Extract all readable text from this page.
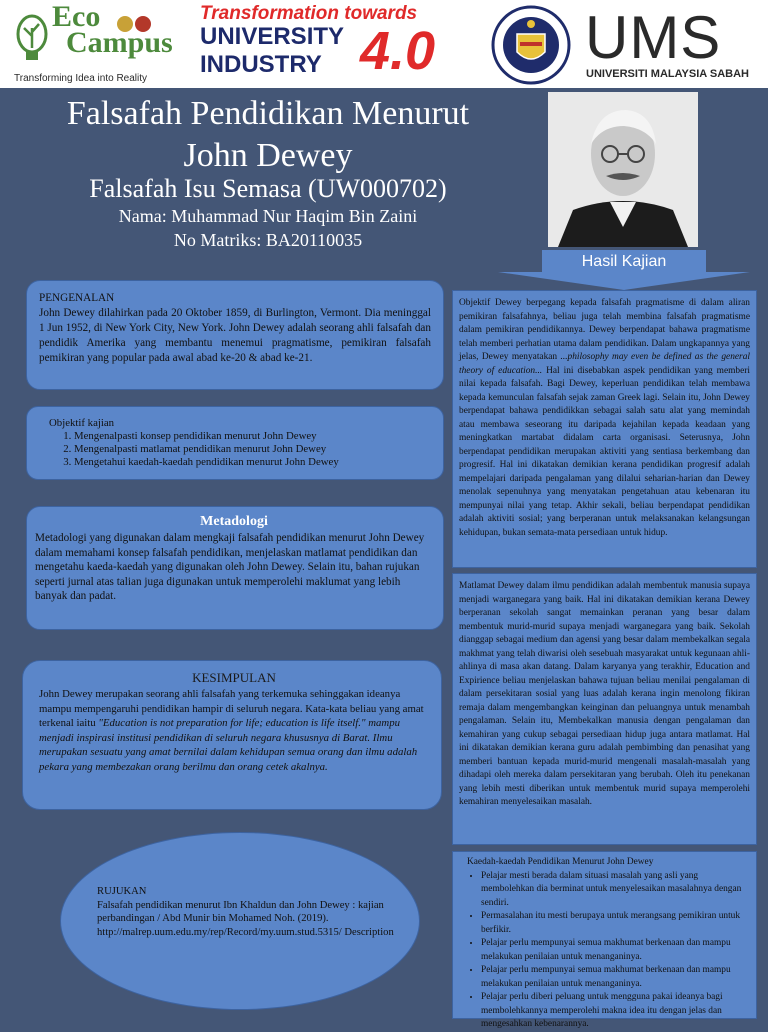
Eco
Campus
Transforming Idea into Reality
Transformation towards
UNIVERSITY
INDUSTRY 4.0 UMS
UNIVERSITI MALAYSIA SABAH
Falsafah Pendidikan Menurut
John Dewey
Falsafah Isu Semasa (UW000702)
Nama: Muhammad Nur Haqim Bin Zaini
No Matriks: BA20110035
Hasil Kajian
PENGENALAN
John Dewey dilahirkan pada 20 Oktober 1859, di Burlington, Vermont. Dia meninggal 1 Jun 1952, di New York City, New York. John Dewey adalah seorang ahli falsafah dan pendidik Amerika yang membantu menemui pragmatisme, pemikiran falsafah pemikiran yang popular pada awal abad ke-20 & abad ke-21.
Objektif kajian
1. Mengenalpasti konsep pendidikan menurut John Dewey
2. Mengenalpasti matlamat pendidikan menurut John Dewey
3. Mengetahui kaedah-kaedah pendidikan menurut John Dewey
Metadologi
Metadologi yang digunakan dalam mengkaji falsafah pendidikan menurut John Dewey dalam memahami konsep falsafah pendidikan, menjelaskan matlamat pendidikan dan mengetahu kaeda-kaedah yang digunakan oleh John Dewey. Selain itu, bahan rujukan seperti jurnal atas talian juga digunakan untuk memperolehi maklumat yang lebih banyak dan padat.
KESIMPULAN
John Dewey merupakan seorang ahli falsafah yang terkemuka sehinggakan ideanya mampu mempengaruhi pendidikan hampir di seluruh negara. Kata-kata beliau yang amat terkenal iaitu "Education is not preparation for life; education is life itself." mampu menjadi inspirasi institusi pendidikan di seluruh negara khususnya di Barat. Ilmu merupakan sesuatu yang amat bernilai dalam kehidupan semua orang dan ilmu adalah pekara yang membezakan orang berilmu dan orang cetek akalnya.
RUJUKAN
Falsafah pendidikan menurut Ibn Khaldun dan John Dewey : kajian perbandingan / Abd Munir bin Mohamed Noh. (2019). http://malrep.uum.edu.my/rep/Record/my.uum.stud.5315/ Description
Objektif Dewey berpegang kepada falsafah pragmatisme di dalam aliran pemikiran falsafahnya, beliau juga telah membina falsafah pragmatisme dalam pemikiran pendidikannya. Dewey berpendapat bahawa pragmatisme telah memberi perhatian utama dalam pendidikan. Dalam ungkapannya yang jelas, Dewey menyatakan ...philosophy may even be defined as the general theory of education... Hal ini disebabkan aspek pendidikan yang memberi nilai kepada falsafah. Bagi Dewey, keperluan pendidikan telah membawa kepada kemunculan falsafah sejak zaman Greek lagi. Selain itu, John Dewey berpendapat bahawa pendidikkan sebagai salah satu alat yang memindah atau membawa seseorang itu daripada kejahilan kepada keadaan yang meningkatkan martabat didalam carta organisasi. Seterusnya, John berpendapat pendidikan merupakan aktiviti yang sentiasa berkembang dan progresif. Hal ini dikatakan demikian kerana pendidikan progresif adalah mempelajari daripada pengalaman yang dilalui seharian-harian dan Dewey menolak sepenuhnya yang menyatakan pengetahuan atau kebenaran itu mempunyai nilai yang tetap. Akhir sekali, beliau berpendapat pendidikan adalah aktiviti sosial; yang berperanan untuk melaksanakan kelangsungan kehidupan, bukan semata-mata persediaan untuk hidup.
Matlamat Dewey dalam ilmu pendidikan adalah membentuk manusia supaya menjadi warganegara yang baik. Hal ini dikatakan demikian kerana Dewey berperanan sekolah sangat memainkan peranan yang besar dalam membentuk murid-murid supaya menjadi warganegara yang baik. Sekolah dianggap sebagai medium dan agensi yang besar dalam membekalkan segala makhmat yang telah diwarisi oleh sesebuah masyarakat untuk kegunaan ahli-ahlinya di masa akan datang. Dalam karyanya yang terakhir, Education and Expirience beliau menjelaskan bahawa tujuan beliau menilai pengalaman di dalam persekitaran sosial yang luas adalah kerana ingin menolong fikiran remaja dalam mengembangkan keinginan dan peluangnya untuk menambah pengalaman. Selain itu, Membekalkan manusia dengan pengalaman dan kemahiran yang cukup sebagai persediaan hidup juga antara matlamat. Hal ini dikatakan demikian kerana guru adalah pembimbing dan penasihat yang memberi bantuan kepada murid-murid mengenali masalah-masalah yang dihadapi oleh mereka dalam persekitaran yang berubah. Oleh itu penekanan yang lebih mesti diberikan untuk membentuk murid supaya memperolehi kemahiran menyelesaikan masalah.
Kaedah-kaedah Pendidikan Menurut John Dewey
• Pelajar mesti berada dalam situasi masalah yang asli yang membolehkan dia berminat untuk menyelesaikan masalahnya dengan sendiri.
• Permasalahan itu mesti berupaya untuk merangsang pemikiran untuk berfikir.
• Pelajar perlu mempunyai semua makhumat berkenaan dan mampu melakukan penilaian untuk menanganinya.
• Pelajar perlu mempunyai semua makhumat berkenaan dan mampu melakukan penilaian untuk menanganinya.
• Pelajar perlu diberi peluang untuk mengguna pakai ideanya bagi membolehkannya memperolehi makna idea itu dengan jelas dan mengesahkan kebenarannya.
